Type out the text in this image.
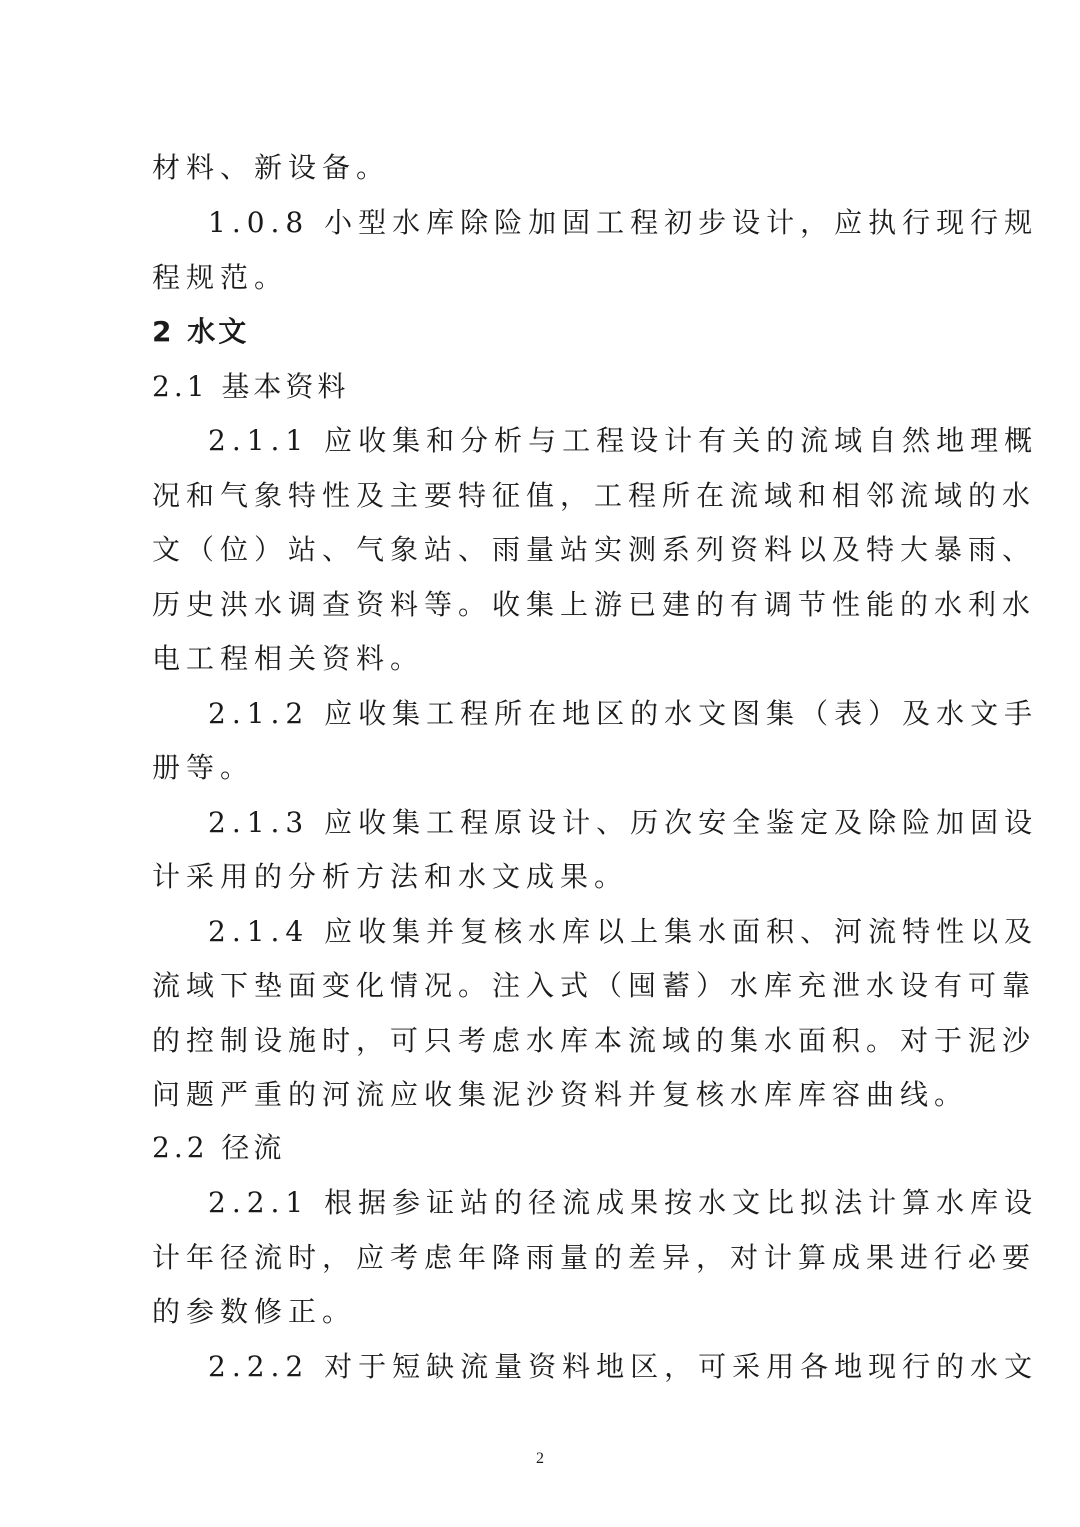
材料、新设备。
1.0.8 小型水库除险加固工程初步设计，应执行现行规
程规范。
2 水文
2.1 基本资料
2.1.1 应收集和分析与工程设计有关的流域自然地理概
况和气象特性及主要特征值，工程所在流域和相邻流域的水
文（位）站、气象站、雨量站实测系列资料以及特大暴雨、
历史洪水调查资料等。收集上游已建的有调节性能的水利水
电工程相关资料。
2.1.2 应收集工程所在地区的水文图集（表）及水文手
册等。
2.1.3 应收集工程原设计、历次安全鉴定及除险加固设
计采用的分析方法和水文成果。
2.1.4 应收集并复核水库以上集水面积、河流特性以及
流域下垫面变化情况。注入式（囤蓄）水库充泄水设有可靠
的控制设施时，可只考虑水库本流域的集水面积。对于泥沙
问题严重的河流应收集泥沙资料并复核水库库容曲线。
2.2 径流
2.2.1 根据参证站的径流成果按水文比拟法计算水库设
计年径流时，应考虑年降雨量的差异，对计算成果进行必要
的参数修正。
2.2.2 对于短缺流量资料地区，可采用各地现行的水文
2
